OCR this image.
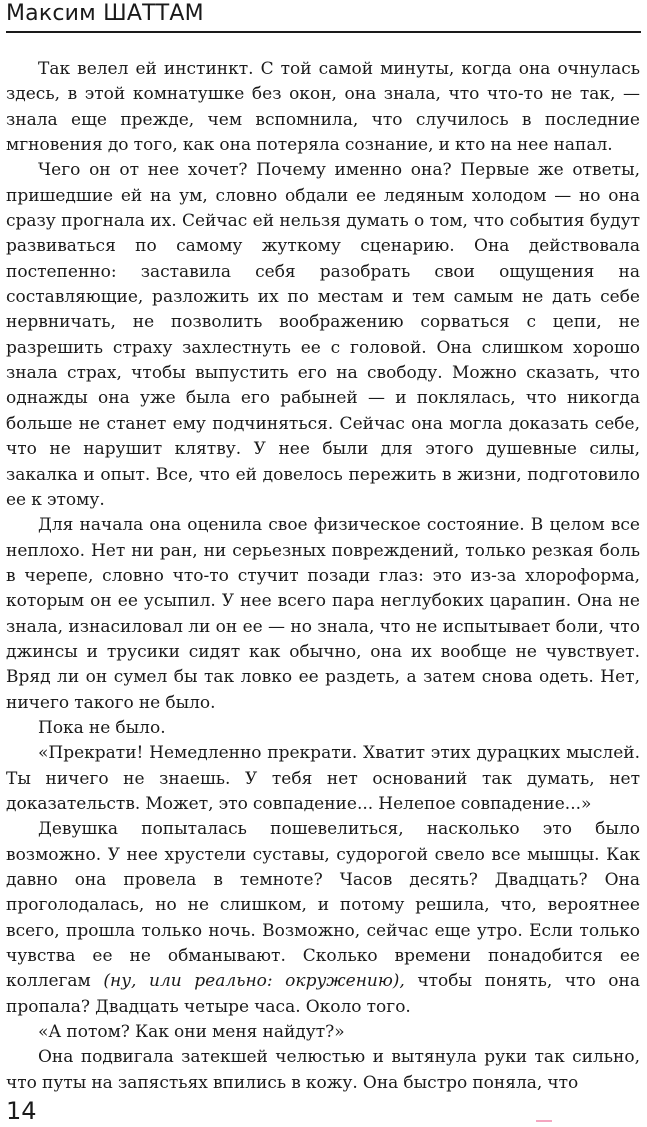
Максим ШАТТАМ

Так велел ей инстинкт. С той самой минуты, когда она очнулась здесь, в этой комнатушке без окон, она знала, что что-то не так, — знала еще прежде, чем вспомнила, что случилось в последние мгновения до того, как она потеряла сознание, и кто на нее напал.

Чего он от нее хочет? Почему именно она? Первые же ответы, пришедшие ей на ум, словно обдали ее ледяным холодом — но она сразу прогнала их. Сейчас ей нельзя думать о том, что события будут развиваться по самому жуткому сценарию. Она действовала постепенно: заставила себя разобрать свои ощущения на составляющие, разложить их по местам и тем самым не дать себе нервничать, не позволить воображению сорваться с цепи, не разрешить страху захлестнуть ее с головой. Она слишком хорошо знала страх, чтобы выпустить его на свободу. Можно сказать, что однажды она уже была его рабыней — и поклялась, что никогда больше не станет ему подчиняться. Сейчас она могла доказать себе, что не нарушит клятву. У нее были для этого душевные силы, закалка и опыт. Все, что ей довелось пережить в жизни, подготовило ее к этому.

Для начала она оценила свое физическое состояние. В целом все неплохо. Нет ни ран, ни серьезных повреждений, только резкая боль в черепе, словно что-то стучит позади глаз: это из-за хлороформа, которым он ее усыпил. У нее всего пара неглубоких царапин. Она не знала, изнасиловал ли он ее — но знала, что не испытывает боли, что джинсы и трусики сидят как обычно, она их вообще не чувствует. Вряд ли он сумел бы так ловко ее раздеть, а затем снова одеть. Нет, ничего такого не было.

Пока не было.

«Прекрати! Немедленно прекрати. Хватит этих дурацких мыслей. Ты ничего не знаешь. У тебя нет оснований так думать, нет доказательств. Может, это совпадение... Нелепое совпадение...»

Девушка попыталась пошевелиться, насколько это было возможно. У нее хрустели суставы, судорогой свело все мышцы. Как давно она провела в темноте? Часов десять? Двадцать? Она проголодалась, но не слишком, и потому решила, что, вероятнее всего, прошла только ночь. Возможно, сейчас еще утро. Если только чувства ее не обманывают. Сколько времени понадобится ее коллегам (ну, или реально: окружению), чтобы понять, что она пропала? Двадцать четыре часа. Около того.

«А потом? Как они меня найдут?»

Она подвигала затекшей челюстью и вытянула руки так сильно, что путы на запястьях впились в кожу. Она быстро поняла, что

14
